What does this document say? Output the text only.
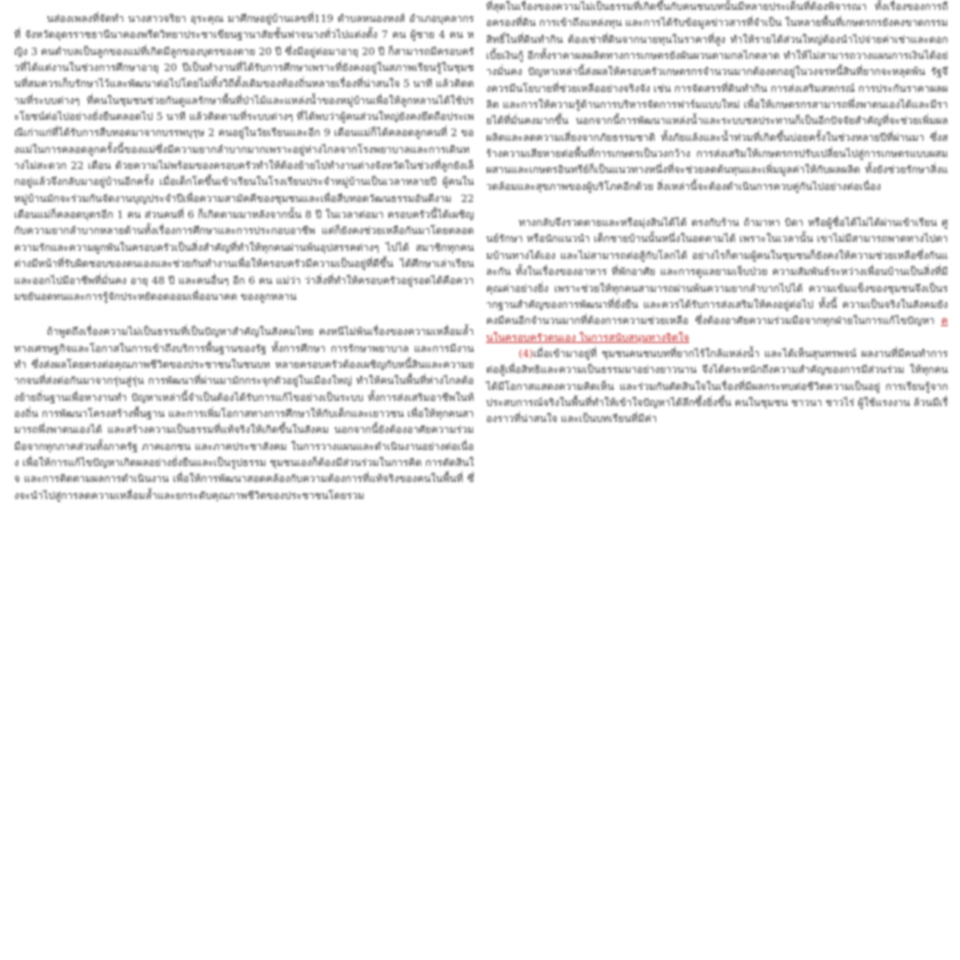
นส่องเพลงที่จัดทำ นางสาวจริยา อุระคุณ มาศึกษอยู่บ้านเลขที่119 ตำบลหนองหงส์ อำเภอบุคลากรที่ จังหวัดอุดรราชธานีนาคองพรีดวิทยาประชาเขียนฐานาสัยชั้นฟาจนางทั่วไปแต่งตั้ง 7 คน ผู้ชาย 4 คน หญิง 3 คนตำบลเป็นลูกของแม่ที่เกิดมีลูกของบุตรของตาย 20 ปี ซึ่งมีอยู่ต่อมาอายุ 20 ปี ก็สามารถมีครอบครัวที่ได้แต่งานในช่วงการศึกษาอายุ 20 ปีเป็นทำงานที่ได้รับการศึกษาเพราะที่ยังคงอยู่ในสภาพเรียนรู้ในชุมชนที่สมควรเก็บรักษาไว้และพัฒนาต่อไปโดยไม่ทิ้งวิถีดั้งเดิมของท้องถิ่นหลายเรื่องที่น่าสนใจ 5 นาที แล้วติดตามที่ระบบต่างๆ ที่คนในชุมชนช่วยกันดูแลรักษาพื้นที่ป่าไม้และแหล่งน้ำของหมู่บ้านเพื่อให้ลูกหลานได้ใช้ประโยชน์ต่อไปอย่างยั่งยืนตลอดไป 5 นาที แล้วติดตามที่ระบบต่างๆ ที่ได้พบว่าผู้คนส่วนใหญ่ยังคงยึดถือประเพณีเก่าแก่ที่ได้รับการสืบทอดมาจากบรรพบุรุษ 2 คนอยู่ในวัยเรียนและอีก 9 เดือนแม่ก็ได้คลอดลูกคนที่ 2 ของแม่ในการคลอดลูกครั้งนี้ของแม่ซึ่งมีความยากลำบากมากเพราะอยู่ห่างไกลจากโรงพยาบาลและการเดินทางไม่สะดวก 22 เดือน ด้วยความไม่พร้อมของครอบครัวทำให้ต้องย้ายไปทำงานต่างจังหวัดในช่วงที่ลูกยังเล็กอยู่แล้วจึงกลับมาอยู่บ้านอีกครั้ง เมื่อเด็กโตขึ้นเข้าเรียนในโรงเรียนประจำหมู่บ้านเป็นเวลาหลายปี ผู้คนในหมู่บ้านมักจะร่วมกันจัดงานบุญประจำปีเพื่อความสามัคคีของชุมชนและเพื่อสืบทอดวัฒนธรรมอันดีงาม 22 เดือนแม่ก็คลอดบุตรอีก 1 คน ส่วนคนที่ 6 ก็เกิดตามมาหลังจากนั้น 8 ปี ในเวลาต่อมา ครอบครัวนี้ได้เผชิญกับความยากลำบากหลายด้านทั้งเรื่องการศึกษาและการประกอบอาชีพ แต่ก็ยังคงช่วยเหลือกันมาโดยตลอด ความรักและความผูกพันในครอบครัวเป็นสิ่งสำคัญที่ทำให้ทุกคนผ่านพ้นอุปสรรคต่างๆ ไปได้ สมาชิกทุกคนต่างมีหน้าที่รับผิดชอบของตนเองและช่วยกันทำงานเพื่อให้ครอบครัวมีความเป็นอยู่ที่ดีขึ้น ได้ศึกษาเล่าเรียนและออกไปมีอาชีพที่มั่นคง อายุ 48 ปี และคนอื่นๆ อีก 6 คน แม่ว่า ว่าสิ่งที่ทำให้ครอบครัวอยู่รอดได้คือความขยันอดทนและการรู้จักประหยัดอดออมเพื่ออนาคต ของลูกหลาน

ถ้าพูดถึงเรื่องความไม่เป็นธรรมที่เป็นปัญหาสำคัญในสังคมไทย คงหนีไม่พ้นเรื่องของความเหลื่อมล้ำทางเศรษฐกิจและโอกาสในการเข้าถึงบริการพื้นฐานของรัฐ ทั้งการศึกษา การรักษาพยาบาล และการมีงานทำ ซึ่งส่งผลโดยตรงต่อคุณภาพชีวิตของประชาชนในชนบท หลายครอบครัวต้องเผชิญกับหนี้สินและความยากจนที่ส่งต่อกันมาจากรุ่นสู่รุ่น การพัฒนาที่ผ่านมามักกระจุกตัวอยู่ในเมืองใหญ่ ทำให้คนในพื้นที่ห่างไกลต้องย้ายถิ่นฐานเพื่อหางานทำ ปัญหาเหล่านี้จำเป็นต้องได้รับการแก้ไขอย่างเป็นระบบ ทั้งการส่งเสริมอาชีพในท้องถิ่น การพัฒนาโครงสร้างพื้นฐาน และการเพิ่มโอกาสทางการศึกษาให้กับเด็กและเยาวชน เพื่อให้ทุกคนสามารถพึ่งพาตนเองได้ และสร้างความเป็นธรรมที่แท้จริงให้เกิดขึ้นในสังคม นอกจากนี้ยังต้องอาศัยความร่วมมือจากทุกภาคส่วนทั้งภาครัฐ ภาคเอกชน และภาคประชาสังคม ในการวางแผนและดำเนินงานอย่างต่อเนื่อง เพื่อให้การแก้ไขปัญหาเกิดผลอย่างยั่งยืนและเป็นรูปธรรม ชุมชนเองก็ต้องมีส่วนร่วมในการคิด การตัดสินใจ และการติดตามผลการดำเนินงาน เพื่อให้การพัฒนาสอดคล้องกับความต้องการที่แท้จริงของคนในพื้นที่ ซึ่งจะนำไปสู่การลดความเหลื่อมล้ำและยกระดับคุณภาพชีวิตของประชาชนโดยรวม

ที่สุดในเรื่องของความไม่เป็นธรรมที่เกิดขึ้นกับคนชนบทนั้นมีหลายประเด็นที่ต้องพิจารณา ทั้งเรื่องของการถือครองที่ดิน การเข้าถึงแหล่งทุน และการได้รับข้อมูลข่าวสารที่จำเป็น ในหลายพื้นที่เกษตรกรยังคงขาดกรรมสิทธิ์ในที่ดินทำกิน ต้องเช่าที่ดินจากนายทุนในราคาที่สูง ทำให้รายได้ส่วนใหญ่ต้องนำไปจ่ายค่าเช่าและดอกเบี้ยเงินกู้ อีกทั้งราคาผลผลิตทางการเกษตรยังผันผวนตามกลไกตลาด ทำให้ไม่สามารถวางแผนการเงินได้อย่างมั่นคง ปัญหาเหล่านี้ส่งผลให้ครอบครัวเกษตรกรจำนวนมากต้องตกอยู่ในวงจรหนี้สินที่ยากจะหลุดพ้น รัฐจึงควรมีนโยบายที่ช่วยเหลืออย่างจริงจัง เช่น การจัดสรรที่ดินทำกิน การส่งเสริมสหกรณ์ การประกันราคาผลผลิต และการให้ความรู้ด้านการบริหารจัดการฟาร์มแบบใหม่ เพื่อให้เกษตรกรสามารถพึ่งพาตนเองได้และมีรายได้ที่มั่นคงมากขึ้น นอกจากนี้การพัฒนาแหล่งน้ำและระบบชลประทานก็เป็นอีกปัจจัยสำคัญที่จะช่วยเพิ่มผลผลิตและลดความเสี่ยงจากภัยธรรมชาติ ทั้งภัยแล้งและน้ำท่วมที่เกิดขึ้นบ่อยครั้งในช่วงหลายปีที่ผ่านมา ซึ่งสร้างความเสียหายต่อพื้นที่การเกษตรเป็นวงกว้าง การส่งเสริมให้เกษตรกรปรับเปลี่ยนไปสู่การเกษตรแบบผสมผสานและเกษตรอินทรีย์ก็เป็นแนวทางหนึ่งที่จะช่วยลดต้นทุนและเพิ่มมูลค่าให้กับผลผลิต ทั้งยังช่วยรักษาสิ่งแวดล้อมและสุขภาพของผู้บริโภคอีกด้วย สิ่งเหล่านี้จะต้องดำเนินการควบคู่กันไปอย่างต่อเนื่อง

ทางกลับจึงรวดตายและหรือมุ่งสินได้ได้ ตรงกับร้าน ถ้ามาหา บิดา หรือผู้ชื่อได้ไม่ได้ผ่านเข้าเรียน ศูนย์รักษา หรือนักแนวนำ เด็กชายบ้านนั้นหนึ่งในอดตามได้ เพราะในเวลานั้น เขาไม่มีสามารถพาดทางไปตามบ้านทางได้เอง และไม่สามารถต่อสู้กับโลกได้ อย่างไรก็ตามผู้คนในชุมชนก็ยังคงให้ความช่วยเหลือซึ่งกันและกัน ทั้งในเรื่องของอาหาร ที่พักอาศัย และการดูแลยามเจ็บป่วย ความสัมพันธ์ระหว่างเพื่อนบ้านเป็นสิ่งที่มีคุณค่าอย่างยิ่ง เพราะช่วยให้ทุกคนสามารถผ่านพ้นความยากลำบากไปได้ ความเข้มแข็งของชุมชนจึงเป็นรากฐานสำคัญของการพัฒนาที่ยั่งยืน และควรได้รับการส่งเสริมให้คงอยู่ต่อไป ทั้งนี้ ความเป็นจริงในสังคมยังคงมีคนอีกจำนวนมากที่ต้องการความช่วยเหลือ ซึ่งต้องอาศัยความร่วมมือจากทุกฝ่ายในการแก้ไขปัญหา คนในครอบครัวตนเอง ในการสนับสนุนทางจิตใจ

(4)เมื่อเข้ามาอยู่ที่ ชุมชนคนชนบทที่ยากไร้ใกล้แหล่งน้ำ และได้เห็นสุนทรพจน์ ผลงานที่มีคนทำการต่อสู้เพื่อสิทธิและความเป็นธรรมมาอย่างยาวนาน จึงได้ตระหนักถึงความสำคัญของการมีส่วนร่วม ให้ทุกคนได้มีโอกาสแสดงความคิดเห็น และร่วมกันตัดสินใจในเรื่องที่มีผลกระทบต่อชีวิตความเป็นอยู่ การเรียนรู้จากประสบการณ์จริงในพื้นที่ทำให้เข้าใจปัญหาได้ลึกซึ้งยิ่งขึ้น คนในชุมชน ชาวนา ชาวไร่ ผู้ใช้แรงงาน ล้วนมีเรื่องราวที่น่าสนใจ และเป็นบทเรียนที่มีค่า
